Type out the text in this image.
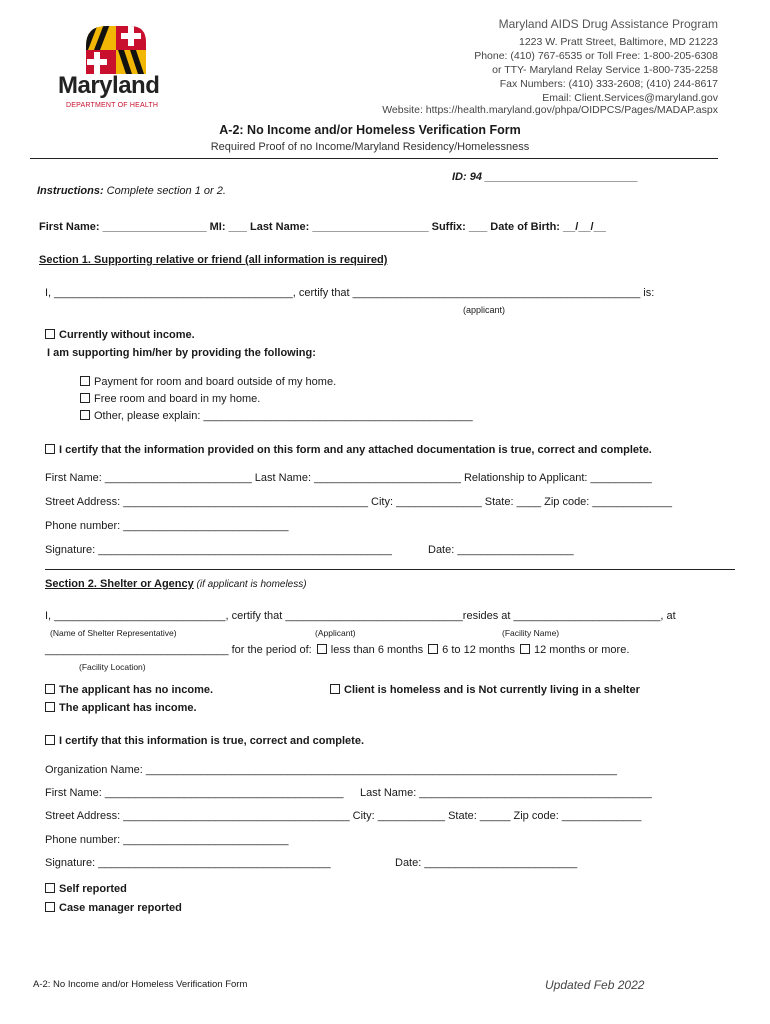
Maryland
DEPARTMENT OF HEALTH
Maryland AIDS Drug Assistance Program
1223 W. Pratt Street, Baltimore, MD 21223
Phone: (410) 767-6535 or Toll Free: 1-800-205-6308
or TTY- Maryland Relay Service 1-800-735-2258
Fax Numbers: (410) 333-2608; (410) 244-8617
Email: Client.Services@maryland.gov
Website: https://health.maryland.gov/phpa/OIDPCS/Pages/MADAP.aspx
A-2: No Income and/or Homeless Verification Form
Required Proof of no Income/Maryland Residency/Homelessness
ID: 94 _________________________
Instructions: Complete section 1 or 2.
First Name: _________________ MI: ___ Last Name: ___________________ Suffix: ___ Date of Birth: __/__/__
Section 1. Supporting relative or friend (all information is required)
I, _______________________________________, certify that _______________________________________________ is:
(applicant)
Currently without income.
I am supporting him/her by providing the following:
Payment for room and board outside of my home.
Free room and board in my home.
Other, please explain: ____________________________________________
I certify that the information provided on this form and any attached documentation is true, correct and complete.
First Name: ________________________ Last Name: ________________________ Relationship to Applicant: __________
Street Address: ________________________________________ City: ______________ State: ____ Zip code: _____________
Phone number: ___________________________
Signature: ________________________________________________	Date: ___________________
Section 2. Shelter or Agency (if applicant is homeless)
I, ____________________________, certify that _____________________________resides at ________________________, at
(Name of Shelter Representative)	(Applicant)	(Facility Name)
______________________________ for the period of: less than 6 months 6 to 12 months 12 months or more.
(Facility Location)
The applicant has no income.	Client is homeless and is Not currently living in a shelter
The applicant has income.
I certify that this information is true, correct and complete.
Organization Name: _____________________________________________________________________________
First Name: _______________________________________ Last Name: ______________________________________
Street Address: _____________________________________ City: ___________ State: _____ Zip code: _____________
Phone number: ___________________________
Signature: ______________________________________	Date: _________________________
Self reported
Case manager reported
A-2: No Income and/or Homeless Verification Form	Updated Feb 2022
